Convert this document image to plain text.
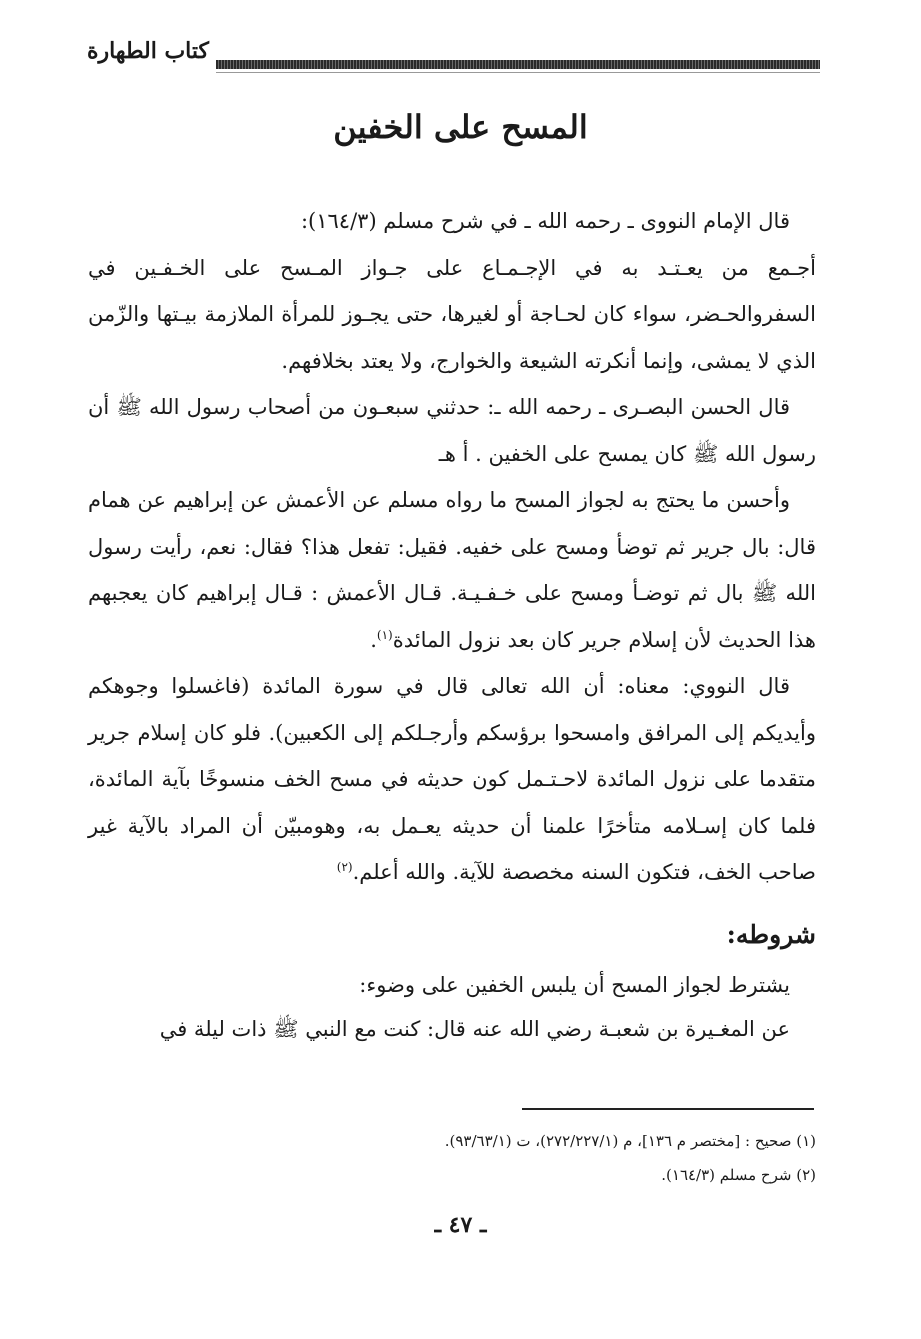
كتاب الطهارة
المسح على الخفين

قال الإمام النووى ـ رحمه الله ـ في شرح مسلم (١٦٤/٣):

أجـمع من يعـتـد به في الإجـمـاع على جـواز المـسح على الخـفـين في السفروالحـضر، سواء كان لحـاجة أو لغيرها، حتى يجـوز للمرأة الملازمة بيـتها والزّمن الذي لا يمشى، وإنما أنكرته الشيعة والخوارج، ولا يعتد بخلافهم.

قال الحسن البصـرى ـ رحمه الله ـ: حدثني سبعـون من أصحاب رسول الله ﷺ أن رسول الله ﷺ كان يمسح على الخفين . أ هـ

وأحسن ما يحتج به لجواز المسح ما رواه مسلم عن الأعمش عن إبراهيم عن همام قال: بال جرير ثم توضأ ومسح على خفيه. فقيل: تفعل هذا؟ فقال: نعم، رأيت رسول الله ﷺ بال ثم توضـأ ومسح على خـفـيـة. قـال الأعمش : قـال إبراهيم كان يعجبهم هذا الحديث لأن إسلام جرير كان بعد نزول المائدة$^{(١)}$.

قال النووي: معناه: أن الله تعالى قال في سورة المائدة (فاغسلوا وجوهكم وأيديكم إلى المرافق وامسحوا برؤسكم وأرجـلكم إلى الكعبين). فلو كان إسلام جرير متقدما على نزول المائدة لاحـتـمل كون حديثه في مسح الخف منسوخًا بآية المائدة، فلما كان إسـلامه متأخرًا علمنا أن حديثه يعـمل به، وهومبيّن أن المراد بالآية غير صاحب الخف، فتكون السنه مخصصة للآية. والله أعلم.$^{(٢)}$

شروطه:

يشترط لجواز المسح أن يلبس الخفين على وضوء:

عن المغـيرة بن شعبـة رضي الله عنه قال: كنت مع النبي ﷺ ذات ليلة في

(١) صحيح : [مختصر م ١٣٦]، م (٢٧٢/٢٢٧/١)، ت (٩٣/٦٣/١).
(٢) شرح مسلم (١٦٤/٣).
ـ ٤٧ ـ
